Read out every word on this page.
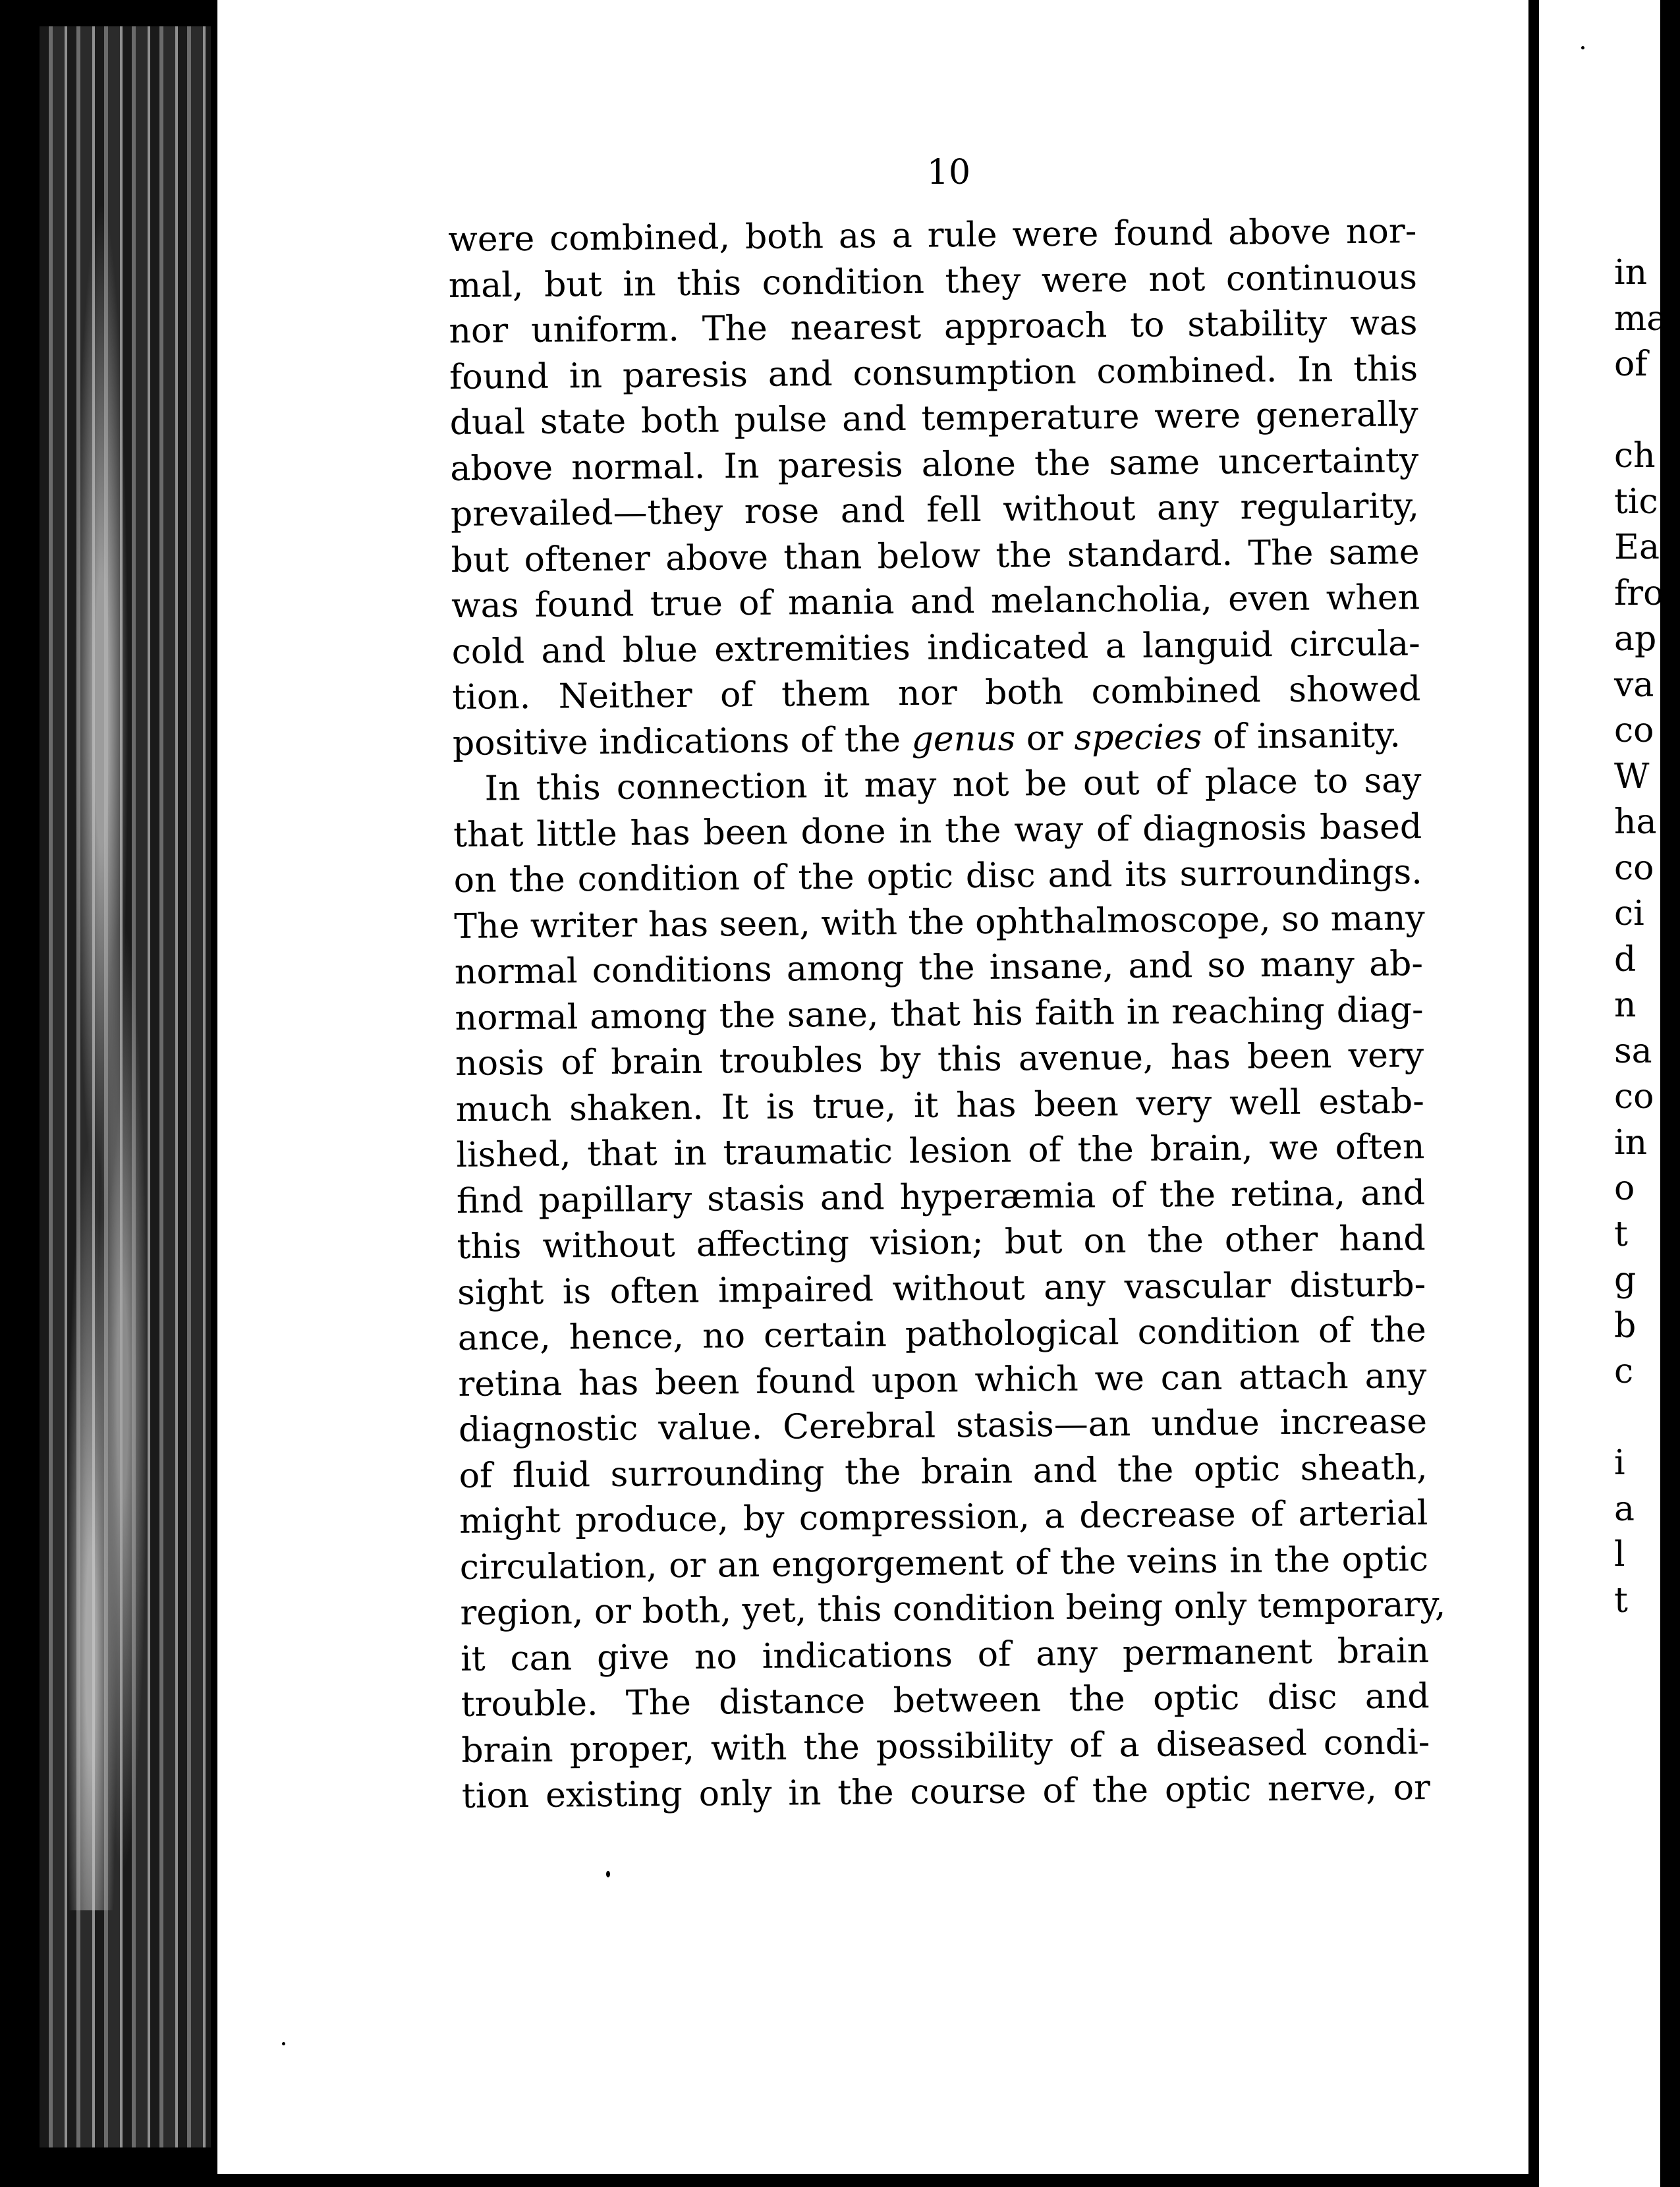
10
were combined, both as a rule were found above nor-
mal, but in this condition they were not continuous
nor uniform. The nearest approach to stability was
found in paresis and consumption combined. In this
dual state both pulse and temperature were generally
above normal. In paresis alone the same uncertainty
prevailed—they rose and fell without any regularity,
but oftener above than below the standard. The same
was found true of mania and melancholia, even when
cold and blue extremities indicated a languid circula-
tion. Neither of them nor both combined showed
positive indications of the genus or species of insanity.
In this connection it may not be out of place to say
that little has been done in the way of diagnosis based
on the condition of the optic disc and its surroundings.
The writer has seen, with the ophthalmoscope, so many
normal conditions among the insane, and so many ab-
normal among the sane, that his faith in reaching diag-
nosis of brain troubles by this avenue, has been very
much shaken. It is true, it has been very well estab-
lished, that in traumatic lesion of the brain, we often
find papillary stasis and hyperæmia of the retina, and
this without affecting vision; but on the other hand
sight is often impaired without any vascular disturb-
ance, hence, no certain pathological condition of the
retina has been found upon which we can attach any
diagnostic value. Cerebral stasis—an undue increase
of fluid surrounding the brain and the optic sheath,
might produce, by compression, a decrease of arterial
circulation, or an engorgement of the veins in the optic
region, or both, yet, this condition being only temporary,
it can give no indications of any permanent brain
trouble. The distance between the optic disc and
brain proper, with the possibility of a diseased condi-
tion existing only in the course of the optic nerve, or
in
ma
of
ch
tic
Ea
fro
ap
va
co
W
ha
co
ci
d
n
sa
co
in
o
t
g
b
c
i
a
l
t
